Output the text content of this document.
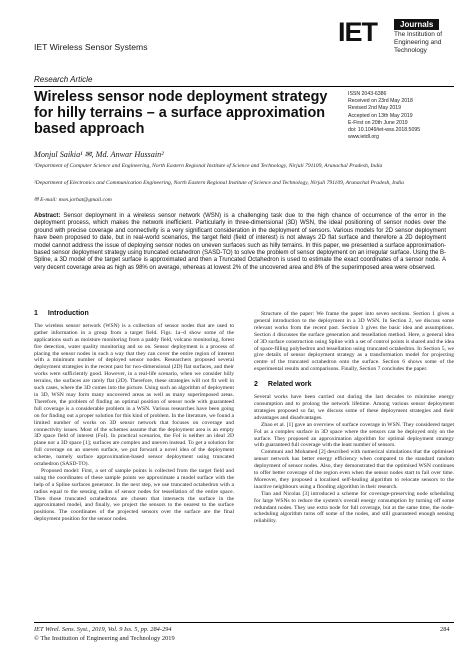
IET Wireless Sensor Systems
Research Article
IET	Journals
The Institution of
Engineering and Technology
Wireless sensor node deployment strategy for hilly terrains – a surface approximation based approach
ISSN 2043-6386
Received on 23rd May 2018
Revised 2nd May 2019
Accepted on 13th May 2019
E-First on 20th June 2019
doi: 10.1049/iet-wss.2018.5095
www.ietdl.org
Monjul Saikia¹ ✉, Md. Anwar Hussain²
¹Department of Computer Science and Engineering, North Eastern Regional Institute of Science and Technology, Nirjuli 791109, Arunachal Pradesh, India
²Department of Electronics and Communication Engineering, North Eastern Regional Institute of Science and Technology, Nirjuli 791109, Arunachal Pradesh, India
✉ E-mail: mon.jorhat@gmail.com
Abstract: Sensor deployment in a wireless sensor network (WSN) is a challenging task due to the high chance of occurrence of the error in the deployment process, which makes the network inefficient. Particularly in three-dimensional (3D) WSN, the ideal positioning of sensor nodes over the ground with precise coverage and connectivity is a very significant consideration in the deployment of sensors. Various models for 2D sensor deployment have been proposed to date, but in real-world scenarios, the target field (field of interest) is not always 2D flat surface and therefore a 2D deployment model cannot address the issue of deploying sensor nodes on uneven surfaces such as hilly terrains. In this paper, we presented a surface approximation-based sensor deployment strategy using truncated octahedron (SASD-TO) to solve the problem of sensor deployment on an irregular surface. Using the B-Spline, a 3D model of the target surface is approximated and then a Truncated Octahedron is used to estimate the exact coordinates of a sensor node. A very decent coverage area as high as 98% on average, whereas at lowest 2% of the uncovered area and 8% of the superimposed area were observed.
1 Introduction

The wireless sensor network (WSN) is a collection of sensor nodes that are used to gather information in a group from a target field. Figs. 1a–d show some of the applications such as moisture monitoring from a paddy field, volcano monitoring, forest fire detection, water quality monitoring and so on. Sensor deployment is a process of placing the sensor nodes in such a way that they can cover the entire region of interest with a minimum number of deployed sensor nodes. Researchers proposed several deployment strategies in the recent past for two-dimensional (2D) flat surfaces, and their works were sufficiently good. However, in a real-life scenario, when we consider hilly terrains, the surfaces are rarely flat (2D). Therefore, these strategies will not fit well in such cases, where the 3D comes into the picture. Using such an algorithm of deployment in 3D, WSN may form many uncovered areas as well as many superimposed areas. Therefore, the problem of finding an optimal position of sensor node with guaranteed full coverage is a considerable problem in a WSN. Various researches have been going on for finding out a proper solution for this kind of problem. In the literature, we found a limited number of works on 3D sensor network that focuses on coverage and connectivity issues. Most of the schemes assume that the deployment area is an empty 3D space field of interest (FoI). In practical scenarios, the FoI is neither an ideal 2D plane nor a 3D space [1]; surfaces are complex and uneven instead. To get a solution for full coverage on an uneven surface, we put forward a novel idea of the deployment scheme, namely surface approximation-based sensor deployment using truncated octahedron (SASD-TO).

Proposed model: First, a set of sample points is collected from the target field and using the coordinates of these sample points we approximate a model surface with the help of a Spline surfaces generator. In the next step, we use truncated octahedron with a radius equal to the sensing radius of sensor nodes for tessellation of the entire space. Then those truncated octahedrons are chosen that intersects the surface in the approximated model, and finally, we project the sensors to the nearest to the surface positions. The coordinates of the projected sensors over the surface are the final deployment position for the sensor nodes.

Structure of the paper: We frame the paper into seven sections. Section 1 gives a general introduction to the deployment in a 3D WSN. In Section 2, we discuss some relevant works from the recent past. Section 3 gives the basic idea and assumptions. Section 4 discusses the surface generation and tessellation method. Here, a general idea of 3D surface construction using Spline with a set of control points is shared and the idea of space-filling polyhedron and tessellation using truncated octahedron. In Section 5, we give details of sensor deployment strategy as a transformation model for projecting centre of the truncated octahedron onto the surface. Section 6 shows some of the experimental results and comparisons. Finally, Section 7 concludes the paper.

2 Related work

Several works have been carried out during the last decades to minimise energy consumption and to prolong the network lifetime. Among various sensor deployment strategies proposed so far, we discuss some of these deployment strategies and their advantages and disadvantages.

Zhao et al. [1] gave an overview of surface coverage in WSN. They considered target FoI as a complex surface in 3D space where the sensors can be deployed only on the surface. They proposed an approximation algorithm for optimal deployment strategy with guaranteed full coverage with the least number of sensors.

Communi and Mohamed [2] described with numerical simulations that the optimised sensor network has better energy efficiency when compared to the standard random deployment of sensor nodes. Also, they demonstrated that the optimised WSN continues to offer better coverage of the region even when the sensor nodes start to fail over time. Moreover, they proposed a localised self-healing algorithm to relocate sensors to the inactive neighbours using a flooding algorithm in their research.

Tian and Nicolas [3] introduced a scheme for coverage-preserving node scheduling for large WSNs to reduce the system's overall energy consumption by turning off some redundant nodes. They use extra node for full coverage, but at the same time, the node-scheduling algorithm turns off some of the nodes, and still guaranteed enough sensing reliability.

IET Wirel. Sens. Syst., 2019, Vol. 9 Iss. 5, pp. 284-294
© The Institution of Engineering and Technology 2019
284
